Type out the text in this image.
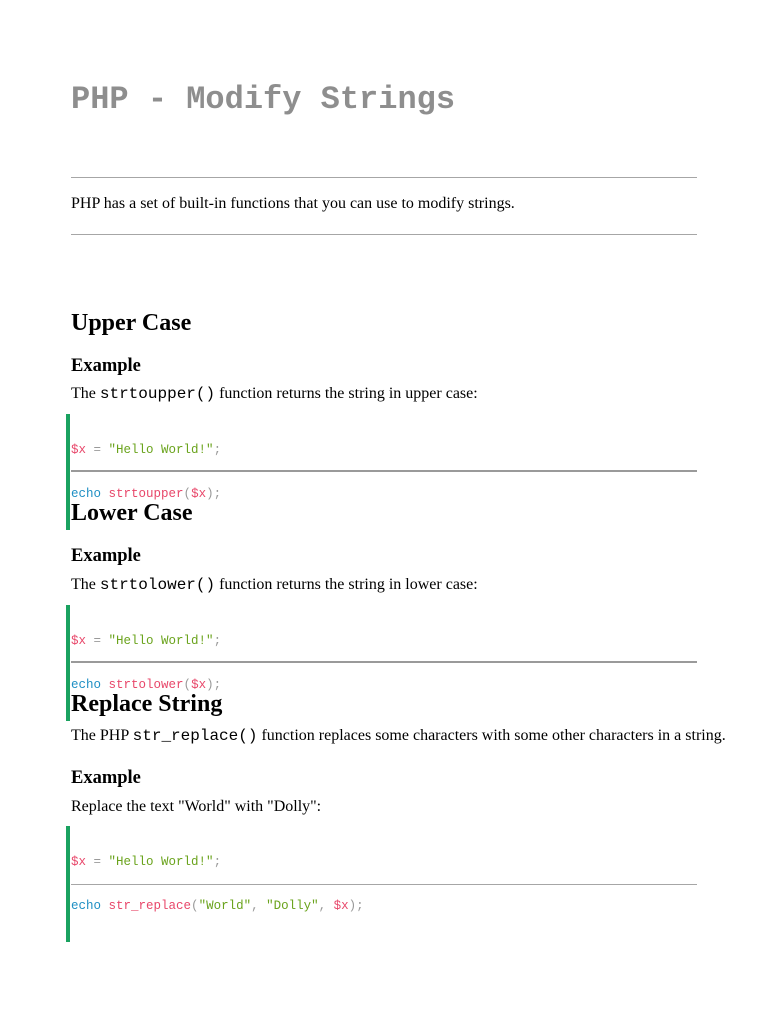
PHP - Modify Strings

PHP has a set of built-in functions that you can use to modify strings.

Upper Case
Example

The strtoupper() function returns the string in upper case:

$x = "Hello World!";

echo strtoupper($x);

Lower Case
Example

The strtolower() function returns the string in lower case:

$x = "Hello World!";

echo strtolower($x);

Replace String

The PHP str_replace() function replaces some characters with some other characters in a string.

Example

Replace the text "World" with "Dolly":

$x = "Hello World!";

echo str_replace("World", "Dolly", $x);
